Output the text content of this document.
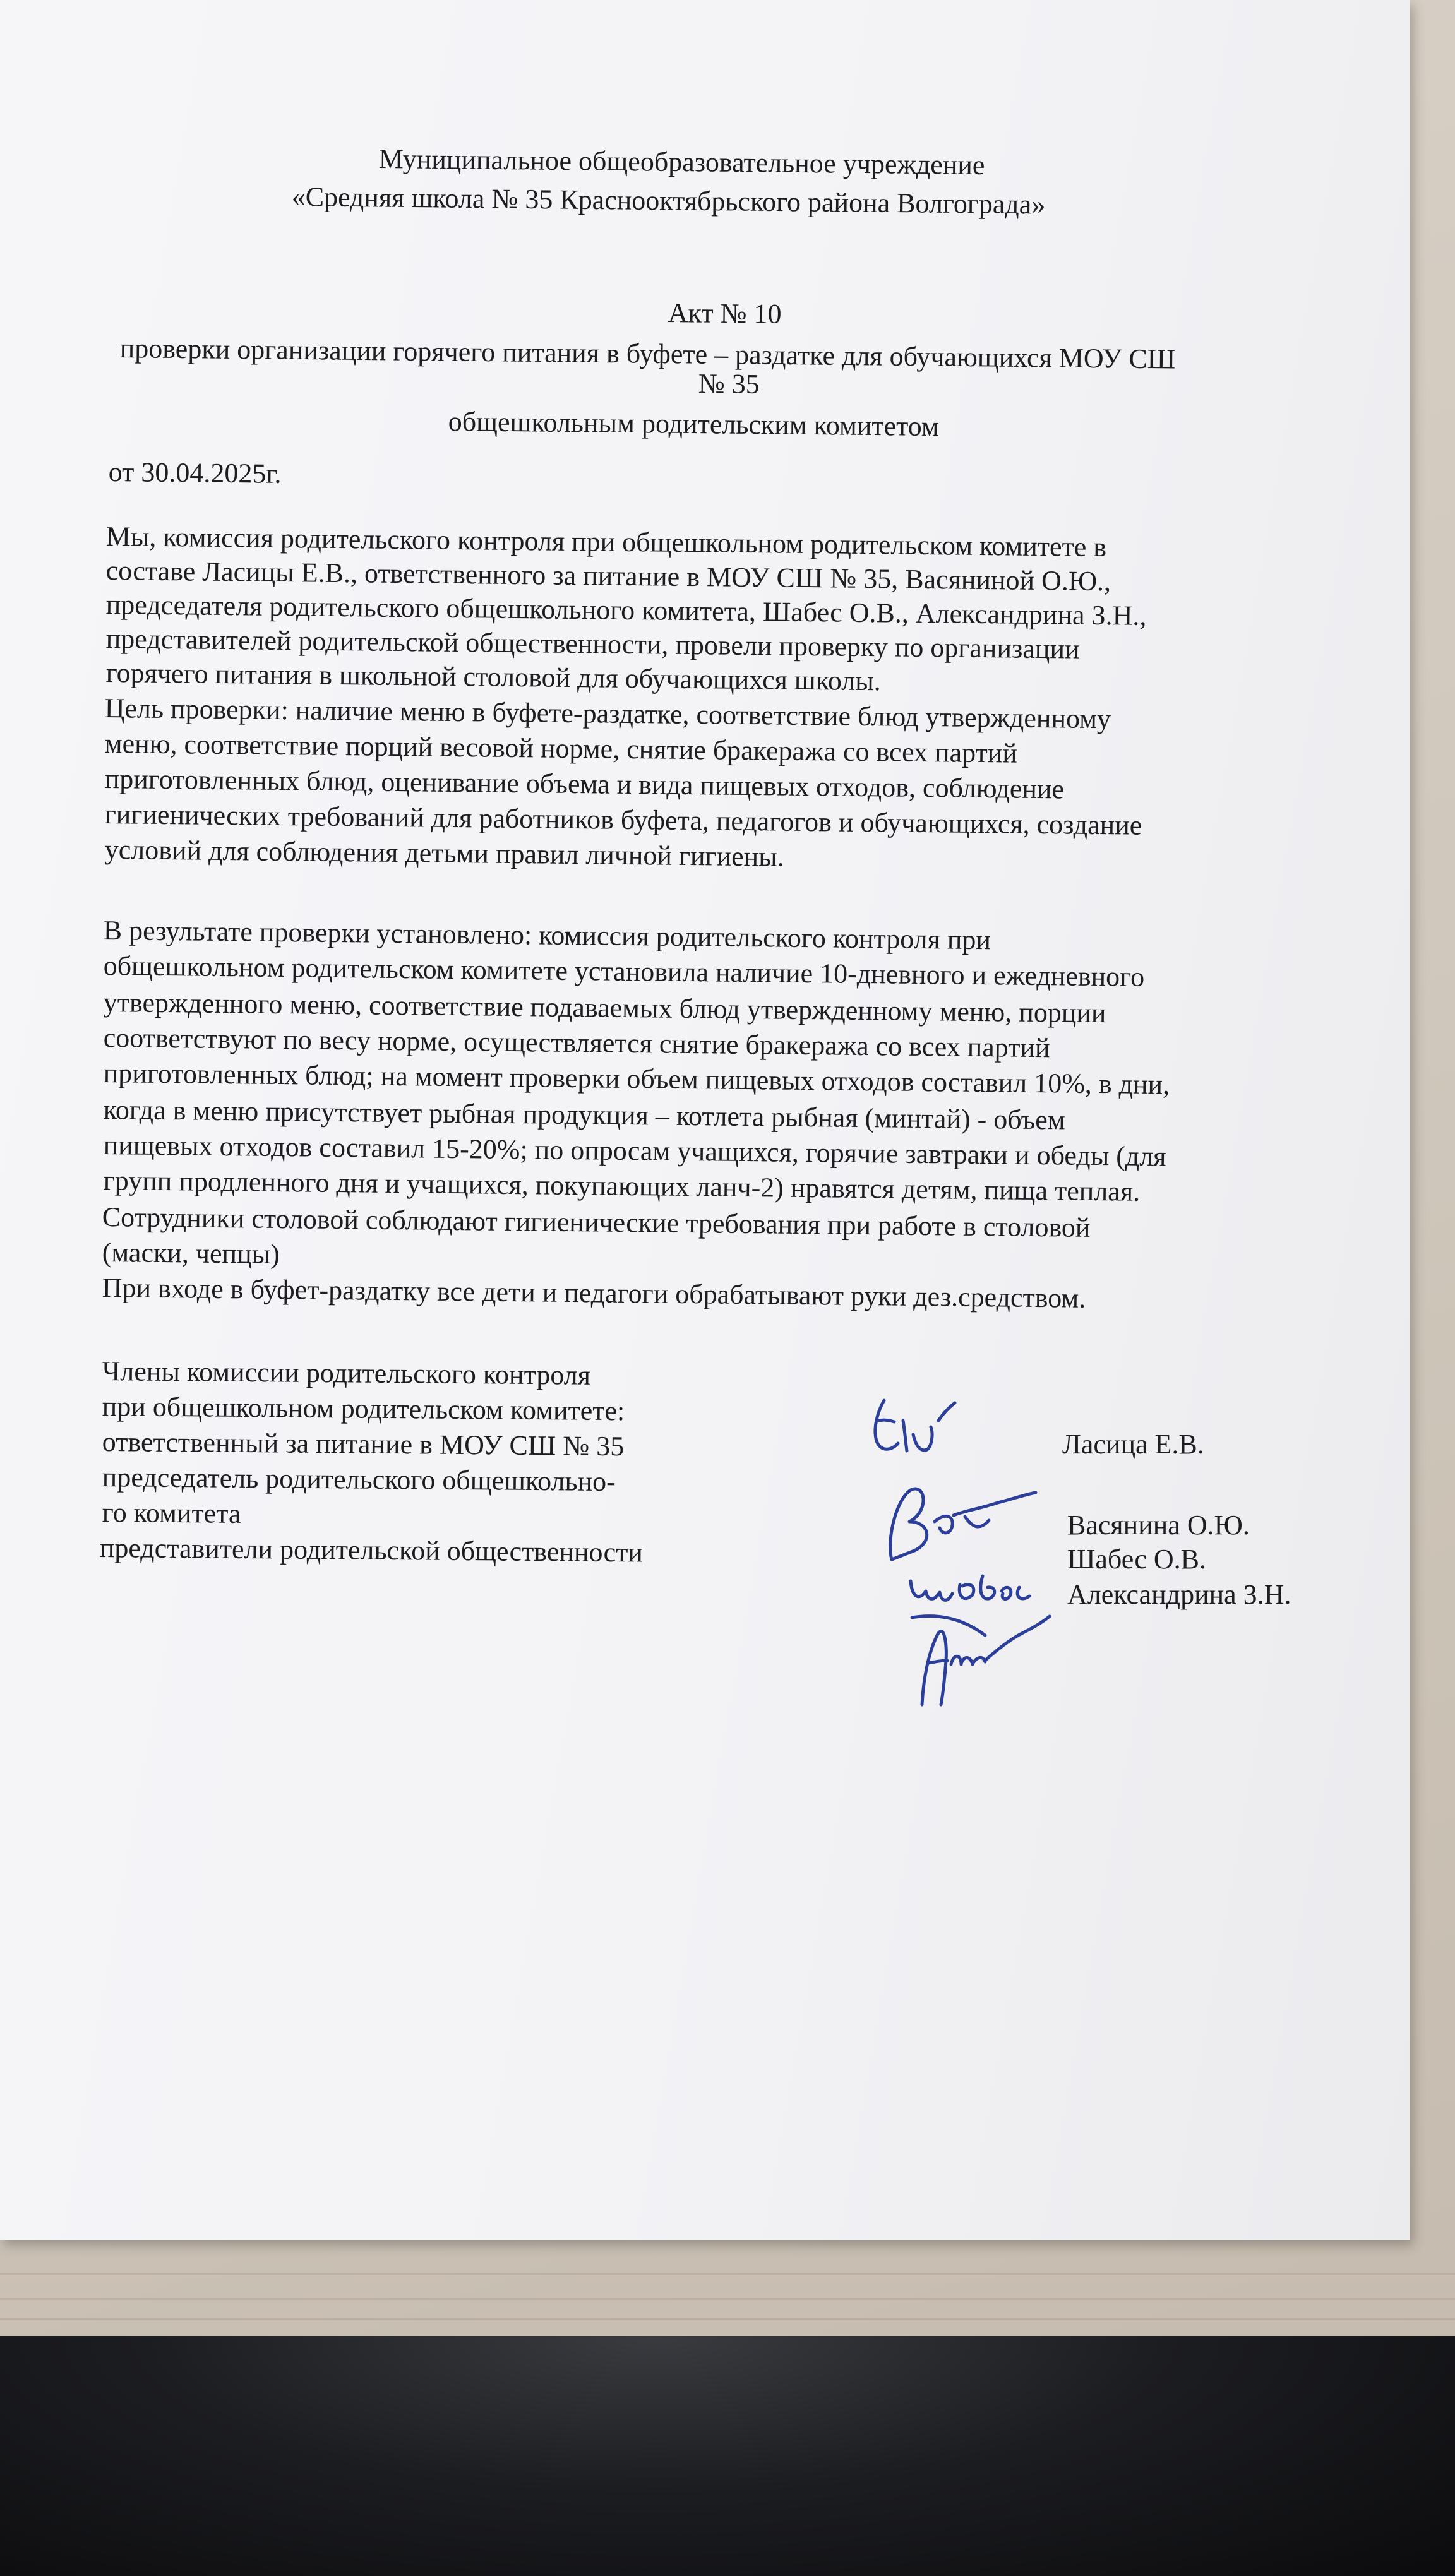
Муниципальное общеобразовательное учреждение
«Средняя школа № 35 Краснооктябрьского района Волгограда»
Акт № 10
проверки организации горячего питания в буфете – раздатке для обучающихся МОУ СШ
№ 35
общешкольным родительским комитетом
от 30.04.2025г.
Мы, комиссия родительского контроля при общешкольном родительском комитете в
составе Ласицы Е.В., ответственного за питание в МОУ СШ № 35, Васяниной О.Ю.,
председателя родительского общешкольного комитета, Шабес О.В., Александрина З.Н.,
представителей родительской общественности, провели проверку по организации
горячего питания в школьной столовой для обучающихся школы.
Цель проверки: наличие меню в буфете-раздатке, соответствие блюд утвержденному
меню, соответствие порций весовой норме, снятие бракеража со всех партий
приготовленных блюд, оценивание объема и вида пищевых отходов, соблюдение
гигиенических требований для работников буфета, педагогов и обучающихся, создание
условий для соблюдения детьми правил личной гигиены.
В результате проверки установлено: комиссия родительского контроля при
общешкольном родительском комитете установила наличие 10-дневного и ежедневного
утвержденного меню, соответствие подаваемых блюд утвержденному меню, порции
соответствуют по весу норме, осуществляется снятие бракеража со всех партий
приготовленных блюд; на момент проверки объем пищевых отходов составил 10%, в дни,
когда в меню присутствует рыбная продукция – котлета рыбная (минтай) - объем
пищевых отходов составил 15-20%; по опросам учащихся, горячие завтраки и обеды (для
групп продленного дня и учащихся, покупающих ланч-2) нравятся детям, пища теплая.
Сотрудники столовой соблюдают гигиенические требования при работе в столовой
(маски, чепцы)
При входе в буфет-раздатку все дети и педагоги обрабатывают руки дез.средством.
Члены комиссии родительского контроля
при общешкольном родительском комитете:
ответственный за питание в МОУ СШ № 35
председатель родительского общешкольно-
го комитета
представители родительской общественности
Ласица Е.В.
Васянина О.Ю.
Шабес О.В.
Александрина З.Н.
